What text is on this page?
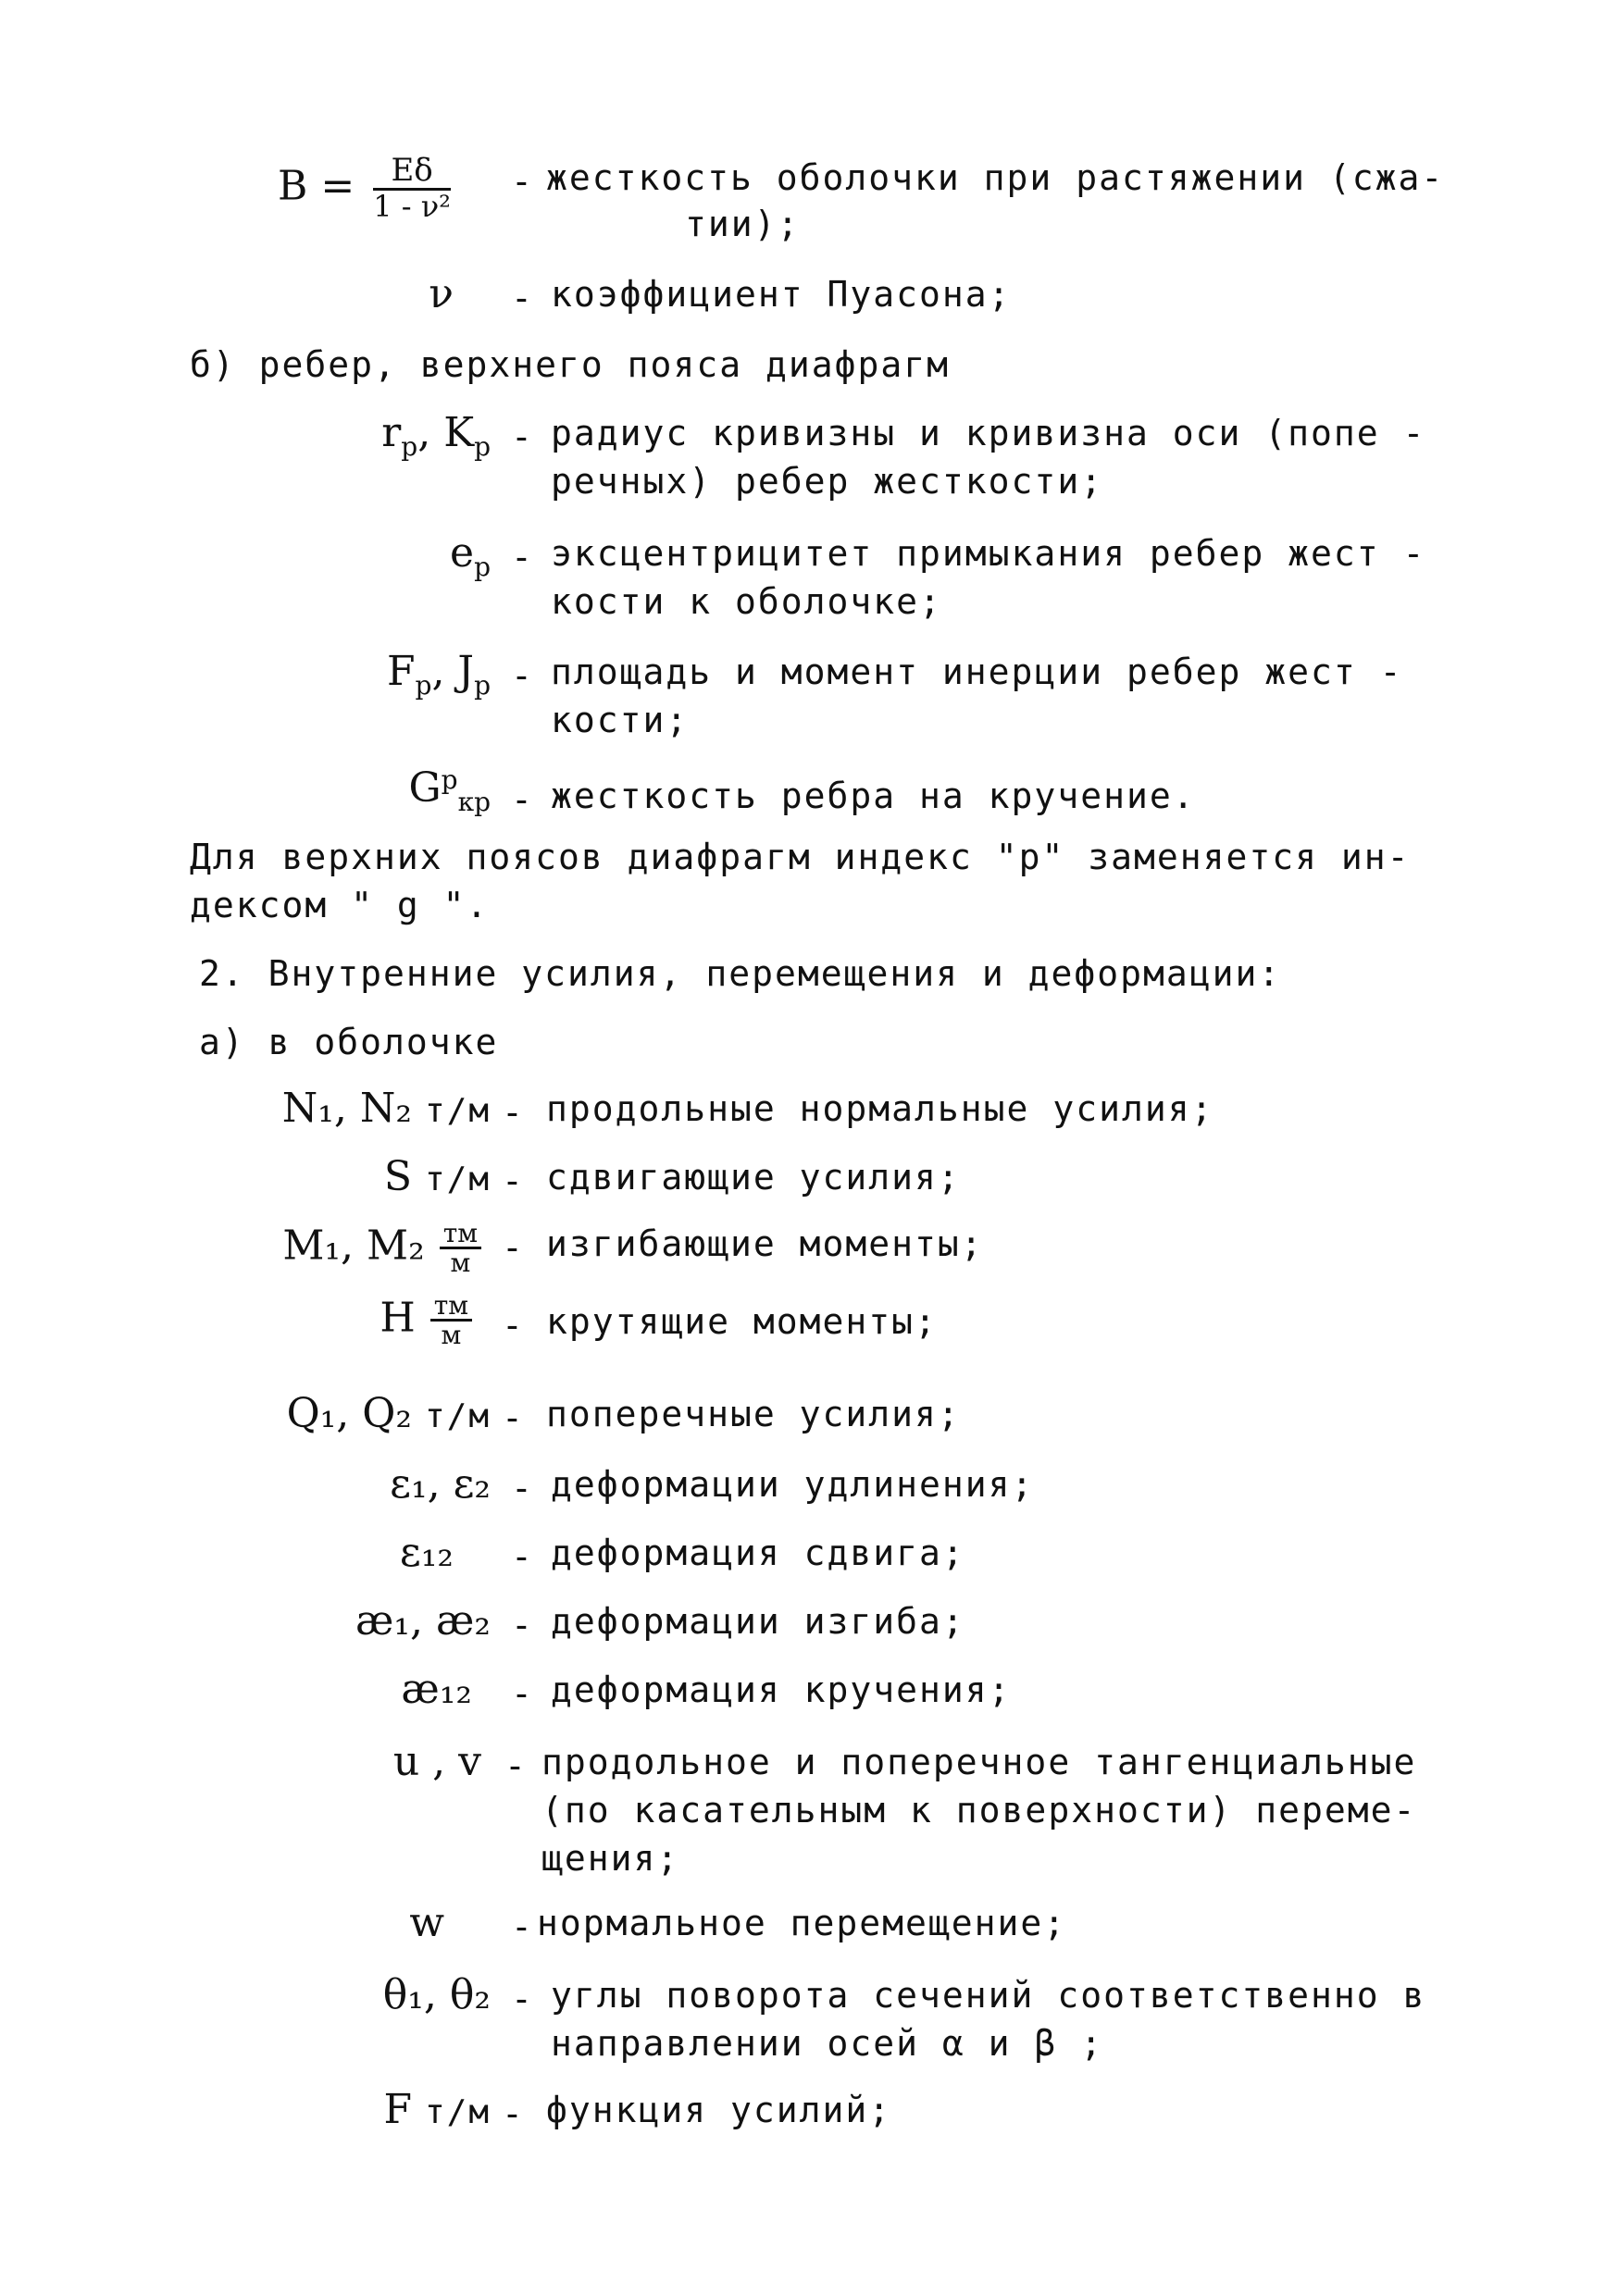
$B = \frac{E\delta}{\text{1 - ν²}}$ - жесткость оболочки при растяжении (сжа-
тии);
ν - коэффициент Пуасона;
б) ребер, верхнего пояса диафрагм
$r_p$, $K_p$ - радиус кривизны и кривизна оси (попе -
речных) ребер жесткости;
$e_p$ - эксцентрицитет примыкания ребер жест -
кости к оболочке;
$F_p$, $Ј_p$ - площадь и момент инерции ребер жест -
кости;
$G^p_{кр}$ - жесткость ребра на кручение.
Для верхних поясов диафрагм индекс "р" заменяется ин-
дексом " g ".
2. Внутренние усилия, перемещения и деформации:
а) в оболочке
N₁, N₂ т/м - продольные нормальные усилия;
S т/м - сдвигающие усилия;
M₁, $M_2 \frac{тм}{м}$ - изгибающие моменты;
H $\frac{тм}{м}$ - крутящие моменты;
Q₁, Q₂ т/м - поперечные усилия;
ε₁, ε₂ - деформации удлинения;
ε₁₂ - деформация сдвига;
æ₁, æ₂ - деформации изгиба;
æ₁₂ - деформация кручения;
u , v - продольное и поперечное тангенциальные
(по касательным к поверхности) переме-
щения;
w - нормальное перемещение;
θ₁, θ₂ - углы поворота сечений соответственно в
направлении осей α и β ;
F т/м - функция усилий;
